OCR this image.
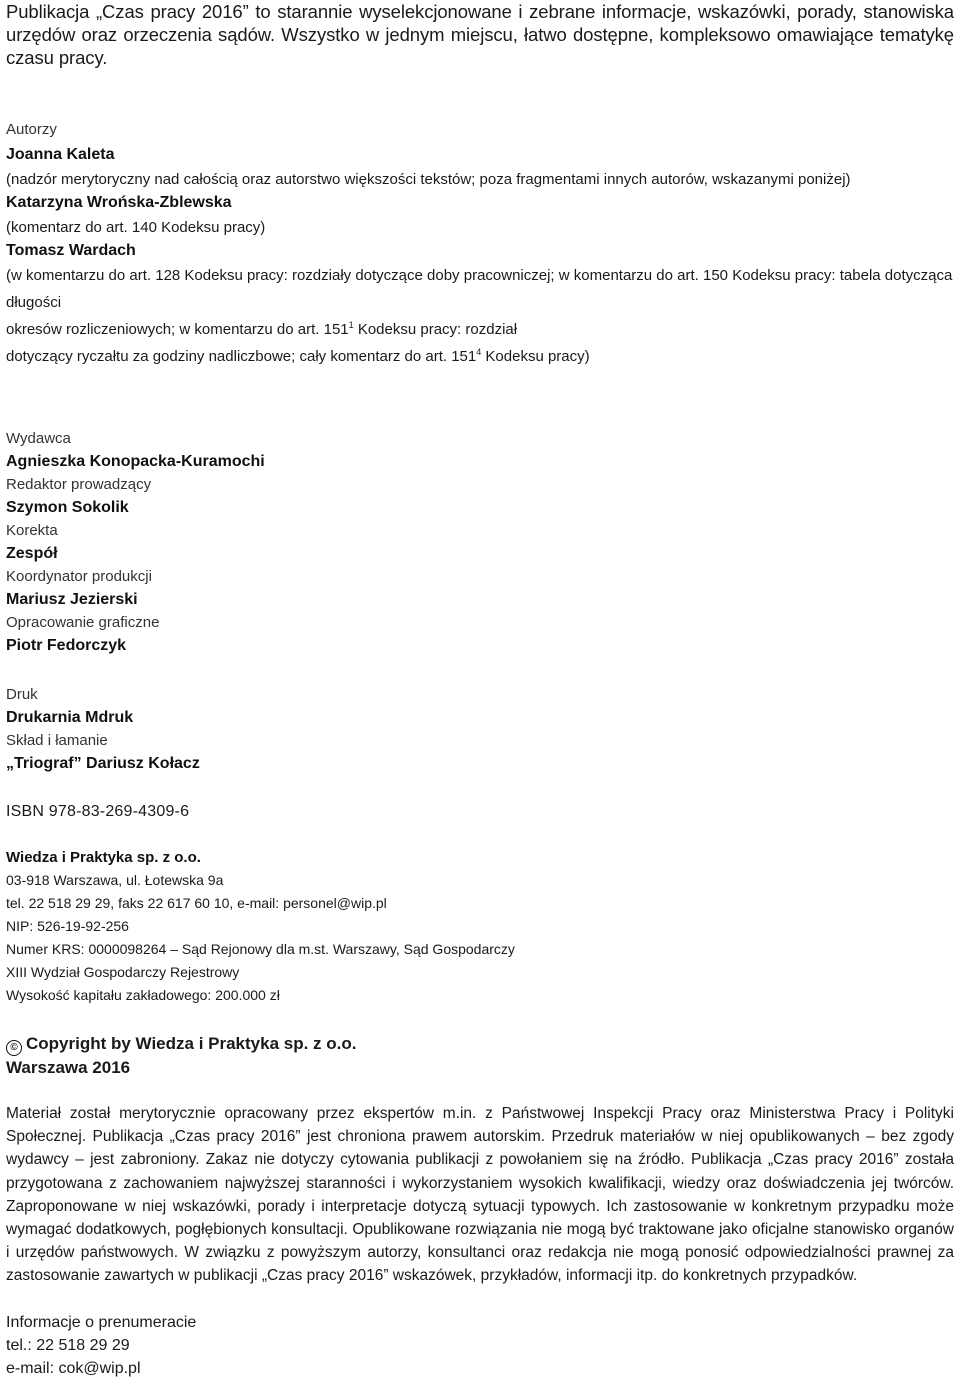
Publikacja „Czas pracy 2016” to starannie wyselekcjonowane i zebrane informacje, wskazówki, porady, stanowiska urzędów oraz orzeczenia sądów. Wszystko w jednym miejscu, łatwo dostępne, kompleksowo omawiające tematykę czasu pracy.

Autorzy
Joanna Kaleta
(nadzór merytoryczny nad całością oraz autorstwo większości tekstów; poza fragmentami innych autorów, wskazanymi poniżej)
Katarzyna Wrońska-Zblewska
(komentarz do art. 140 Kodeksu pracy)
Tomasz Wardach
(w komentarzu do art. 128 Kodeksu pracy: rozdziały dotyczące doby pracowniczej; w komentarzu do art. 150 Kodeksu pracy: tabela dotycząca długości
okresów rozliczeniowych; w komentarzu do art. $151^1$ Kodeksu pracy: rozdział
dotyczący ryczałtu za godziny nadliczbowe; cały komentarz do art. $151^4$ Kodeksu pracy)
Wydawca
Agnieszka Konopacka-Kuramochi
Redaktor prowadzący
Szymon Sokolik
Korekta
Zespół
Koordynator produkcji
Mariusz Jezierski
Opracowanie graficzne
Piotr Fedorczyk
Druk
Drukarnia Mdruk
Skład i łamanie
„Triograf” Dariusz Kołacz
ISBN 978-83-269-4309-6
Wiedza i Praktyka sp. z o.o.
03-918 Warszawa, ul. Łotewska 9a
tel. 22 518 29 29, faks 22 617 60 10, e-mail: personel@wip.pl
NIP: 526-19-92-256
Numer KRS: 0000098264 – Sąd Rejonowy dla m.st. Warszawy, Sąd Gospodarczy
XIII Wydział Gospodarczy Rejestrowy
Wysokość kapitału zakładowego: 200.000 zł
© Copyright by Wiedza i Praktyka sp. z o.o.
Warszawa 2016

Materiał został merytorycznie opracowany przez ekspertów m.in. z Państwowej Inspekcji Pracy oraz Ministerstwa Pracy i Polityki Społecznej. Publikacja „Czas pracy 2016” jest chroniona prawem autorskim. Przedruk materiałów w niej opublikowanych – bez zgody wydawcy – jest zabroniony. Zakaz nie dotyczy cytowania publikacji z powołaniem się na źródło. Publikacja „Czas pracy 2016” została przygotowana z zachowaniem najwyższej staranności i wykorzystaniem wysokich kwalifikacji, wiedzy oraz doświadczenia jej twórców. Zaproponowane w niej wskazówki, porady i interpretacje dotyczą sytuacji typowych. Ich zastosowanie w konkretnym przypadku może wymagać dodatkowych, pogłębionych konsultacji. Opublikowane rozwiązania nie mogą być traktowane jako oficjalne stanowisko organów i urzędów państwowych. W związku z powyższym autorzy, konsultanci oraz redakcja nie mogą ponosić odpowiedzialności prawnej za zastosowanie zawartych w publikacji „Czas pracy 2016” wskazówek, przykładów, informacji itp. do konkretnych przypadków.

Informacje o prenumeracie
tel.: 22 518 29 29
e-mail: cok@wip.pl
